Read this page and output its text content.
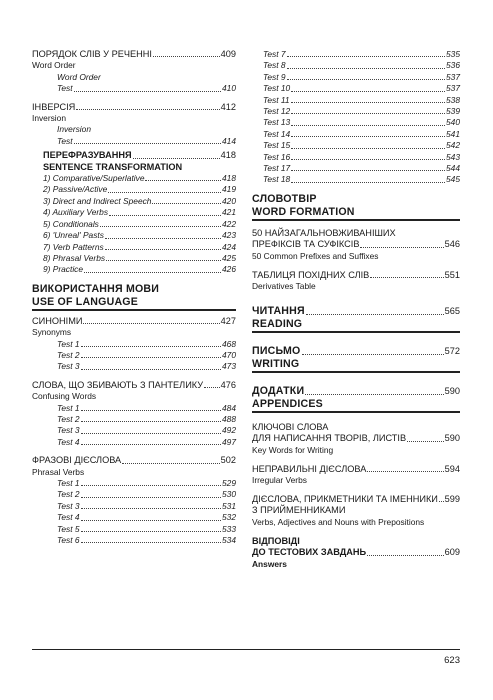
ПОРЯДОК СЛІВ У РЕЧЕННІ	409
Word Order
Word Order
Test	410
ІНВЕРСІЯ	412
Inversion
Inversion
Test	414
ПЕРЕФРАЗУВАННЯ	418
SENTENCE TRANSFORMATION
1) Comparative/Superlative	418
2) Passive/Active	419
3) Direct and Indirect Speech	420
4) Auxiliary Verbs	421
5) Conditionals	422
6) 'Unreal' Pasts	423
7) Verb Patterns	424
8) Phrasal Verbs	425
9) Practice	426
ВИКОРИСТАННЯ МОВИ
USE OF LANGUAGE
СИНОНІМИ	427
Synonyms
Test 1	468
Test 2	470
Test 3	473
СЛОВА, ЩО ЗБИВАЮТЬ З ПАНТЕЛИКУ 476
Confusing Words
Test 1	484
Test 2	488
Test 3	492
Test 4	497
ФРАЗОВІ ДІЄСЛОВА	502
Phrasal Verbs
Test 1	529
Test 2	530
Test 3	531
Test 4	532
Test 5	533
Test 6	534
Test 7	535
Test 8	536
Test 9	537
Test 10	537
Test 11	538
Test 12	539
Test 13	540
Test 14	541
Test 15	542
Test 16	543
Test 17	544
Test 18	545
СЛОВОТВІР
WORD FORMATION
50 НАЙЗАГАЛЬНОВЖИВАНІШИХ
ПРЕФІКСІВ ТА СУФІКСІВ	546
50 Common Prefixes and Suffixes
ТАБЛИЦЯ ПОХІДНИХ СЛІВ	551
Derivatives Table
ЧИТАННЯ	565
READING
ПИСЬМО	572
WRITING
ДОДАТКИ	590
APPENDICES
КЛЮЧОВІ СЛОВА
ДЛЯ НАПИСАННЯ ТВОРІВ, ЛИСТІВ	590
Key Words for Writing
НЕПРАВИЛЬНІ ДІЄСЛОВА	594
Irregular Verbs
ДІЄСЛОВА, ПРИКМЕТНИКИ ТА ІМЕННИКИ 599
З ПРИЙМЕННИКАМИ
Verbs, Adjectives and Nouns with Prepositions
ВІДПОВІДІ
ДО ТЕСТОВИХ ЗАВДАНЬ	609
Answers
623
